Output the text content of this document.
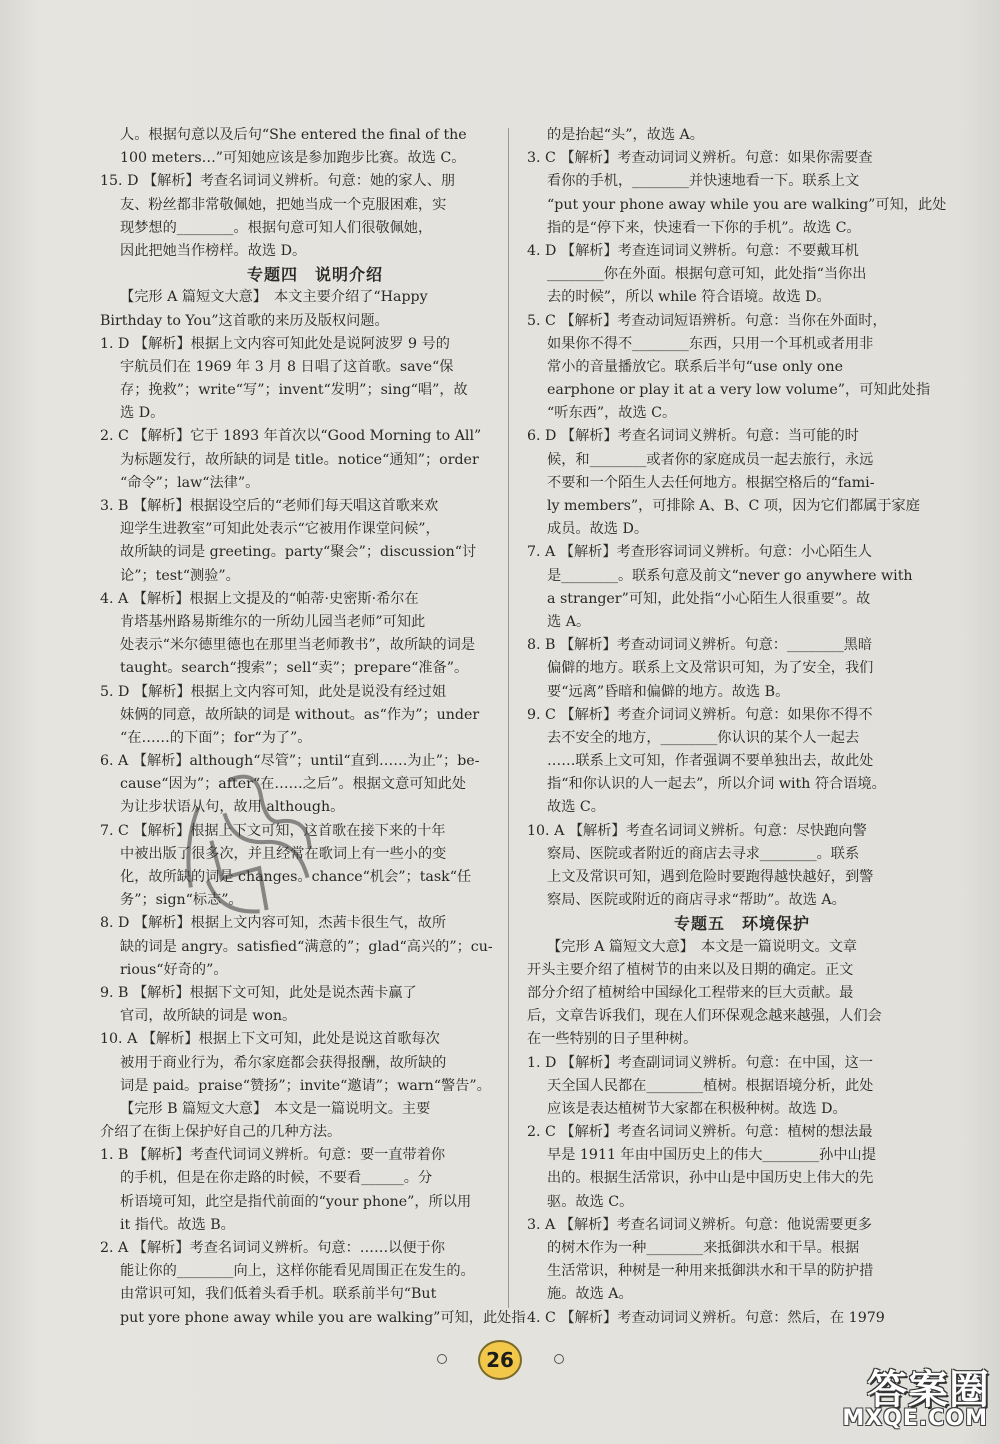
人。根据句意以及后句“She entered the final of the
100 meters…”可知她应该是参加跑步比赛。故选 C。
15. D 【解析】考查名词词义辨析。句意：她的家人、朋
友、粉丝都非常敬佩她，把她当成一个克服困难，实
现梦想的________。根据句意可知人们很敬佩她，
因此把她当作榜样。故选 D。
专题四　说明介绍
【完形 A 篇短文大意】　本文主要介绍了“Happy
Birthday to You”这首歌的来历及版权问题。
1. D 【解析】根据上文内容可知此处是说阿波罗 9 号的
宇航员们在 1969 年 3 月 8 日唱了这首歌。save“保
存；挽救”；write“写”；invent“发明”；sing“唱”，故
选 D。
2. C 【解析】它于 1893 年首次以“Good Morning to All”
为标题发行，故所缺的词是 title。notice“通知”；order
“命令”；law“法律”。
3. B 【解析】根据设空后的“老师们每天唱这首歌来欢
迎学生进教室”可知此处表示“它被用作课堂问候”，
故所缺的词是 greeting。party“聚会”；discussion“讨
论”；test“测验”。
4. A 【解析】根据上文提及的“帕蒂·史密斯·希尔在
肯塔基州路易斯维尔的一所幼儿园当老师”可知此
处表示“米尔德里德也在那里当老师教书”，故所缺的词是
taught。search“搜索”；sell“卖”；prepare“准备”。
5. D 【解析】根据上文内容可知，此处是说没有经过姐
妹俩的同意，故所缺的词是 without。as“作为”；under
“在……的下面”；for“为了”。
6. A 【解析】although“尽管”；until“直到……为止”；be-
cause“因为”；after“在……之后”。根据文意可知此处
为让步状语从句，故用 although。
7. C 【解析】根据上下文可知，这首歌在接下来的十年
中被出版了很多次，并且经常在歌词上有一些小的变
化，故所缺的词是 changes。chance“机会”；task“任
务”；sign“标志”。
8. D 【解析】根据上文内容可知，杰茜卡很生气，故所
缺的词是 angry。satisfied“满意的”；glad“高兴的”；cu-
rious“好奇的”。
9. B 【解析】根据下文可知，此处是说杰茜卡赢了
官司，故所缺的词是 won。
10. A 【解析】根据上下文可知，此处是说这首歌每次
被用于商业行为，希尔家庭都会获得报酬，故所缺的
词是 paid。praise“赞扬”；invite“邀请”；warn“警告”。
【完形 B 篇短文大意】　本文是一篇说明文。主要
介绍了在街上保护好自己的几种方法。
1. B 【解析】考查代词词义辨析。句意：要一直带着你
的手机，但是在你走路的时候，不要看______。分
析语境可知，此空是指代前面的“your phone”，所以用
it 指代。故选 B。
2. A 【解析】考查名词词义辨析。句意：……以便于你
能让你的________向上，这样你能看见周围正在发生的。
由常识可知，我们低着头看手机。联系前半句“But
put yore phone away while you are walking”可知，此处指
的是抬起“头”，故选 A。
3. C 【解析】考查动词词义辨析。句意：如果你需要查
看你的手机，________并快速地看一下。联系上文
“put your phone away while you are walking”可知，此处
指的是“停下来，快速看一下你的手机”。故选 C。
4. D 【解析】考查连词词义辨析。句意：不要戴耳机
________你在外面。根据句意可知，此处指“当你出
去的时候”，所以 while 符合语境。故选 D。
5. C 【解析】考查动词短语辨析。句意：当你在外面时，
如果你不得不________东西，只用一个耳机或者用非
常小的音量播放它。联系后半句“use only one
earphone or play it at a very low volume”，可知此处指
“听东西”，故选 C。
6. D 【解析】考查名词词义辨析。句意：当可能的时
候，和________或者你的家庭成员一起去旅行，永远
不要和一个陌生人去任何地方。根据空格后的“fami-
ly members”，可排除 A、B、C 项，因为它们都属于家庭
成员。故选 D。
7. A 【解析】考查形容词词义辨析。句意：小心陌生人
是________。联系句意及前文“never go anywhere with
a stranger”可知，此处指“小心陌生人很重要”。故
选 A。
8. B 【解析】考查动词词义辨析。句意：________黑暗
偏僻的地方。联系上文及常识可知，为了安全，我们
要“远离”昏暗和偏僻的地方。故选 B。
9. C 【解析】考查介词词义辨析。句意：如果你不得不
去不安全的地方，________你认识的某个人一起去
……联系上文可知，作者强调不要单独出去，故此处
指“和你认识的人一起去”，所以介词 with 符合语境。
故选 C。
10. A 【解析】考查名词词义辨析。句意：尽快跑向警
察局、医院或者附近的商店去寻求________。联系
上文及常识可知，遇到危险时要跑得越快越好，到警
察局、医院或附近的商店寻求“帮助”。故选 A。
专题五　环境保护
【完形 A 篇短文大意】　本文是一篇说明文。文章
开头主要介绍了植树节的由来以及日期的确定。正文
部分介绍了植树给中国绿化工程带来的巨大贡献。最
后，文章告诉我们，现在人们环保观念越来越强，人们会
在一些特别的日子里种树。
1. D 【解析】考查副词词义辨析。句意：在中国，这一
天全国人民都在________植树。根据语境分析，此处
应该是表达植树节大家都在积极种树。故选 D。
2. C 【解析】考查名词词义辨析。句意：植树的想法最
早是 1911 年由中国历史上的伟大________孙中山提
出的。根据生活常识，孙中山是中国历史上伟大的先
驱。故选 C。
3. A 【解析】考查名词词义辨析。句意：他说需要更多
的树木作为一种________来抵御洪水和干旱。根据
生活常识，种树是一种用来抵御洪水和干旱的防护措
施。故选 A。
4. C 【解析】考查动词词义辨析。句意：然后，在 1979
26
答案圈
MXQE.COM
